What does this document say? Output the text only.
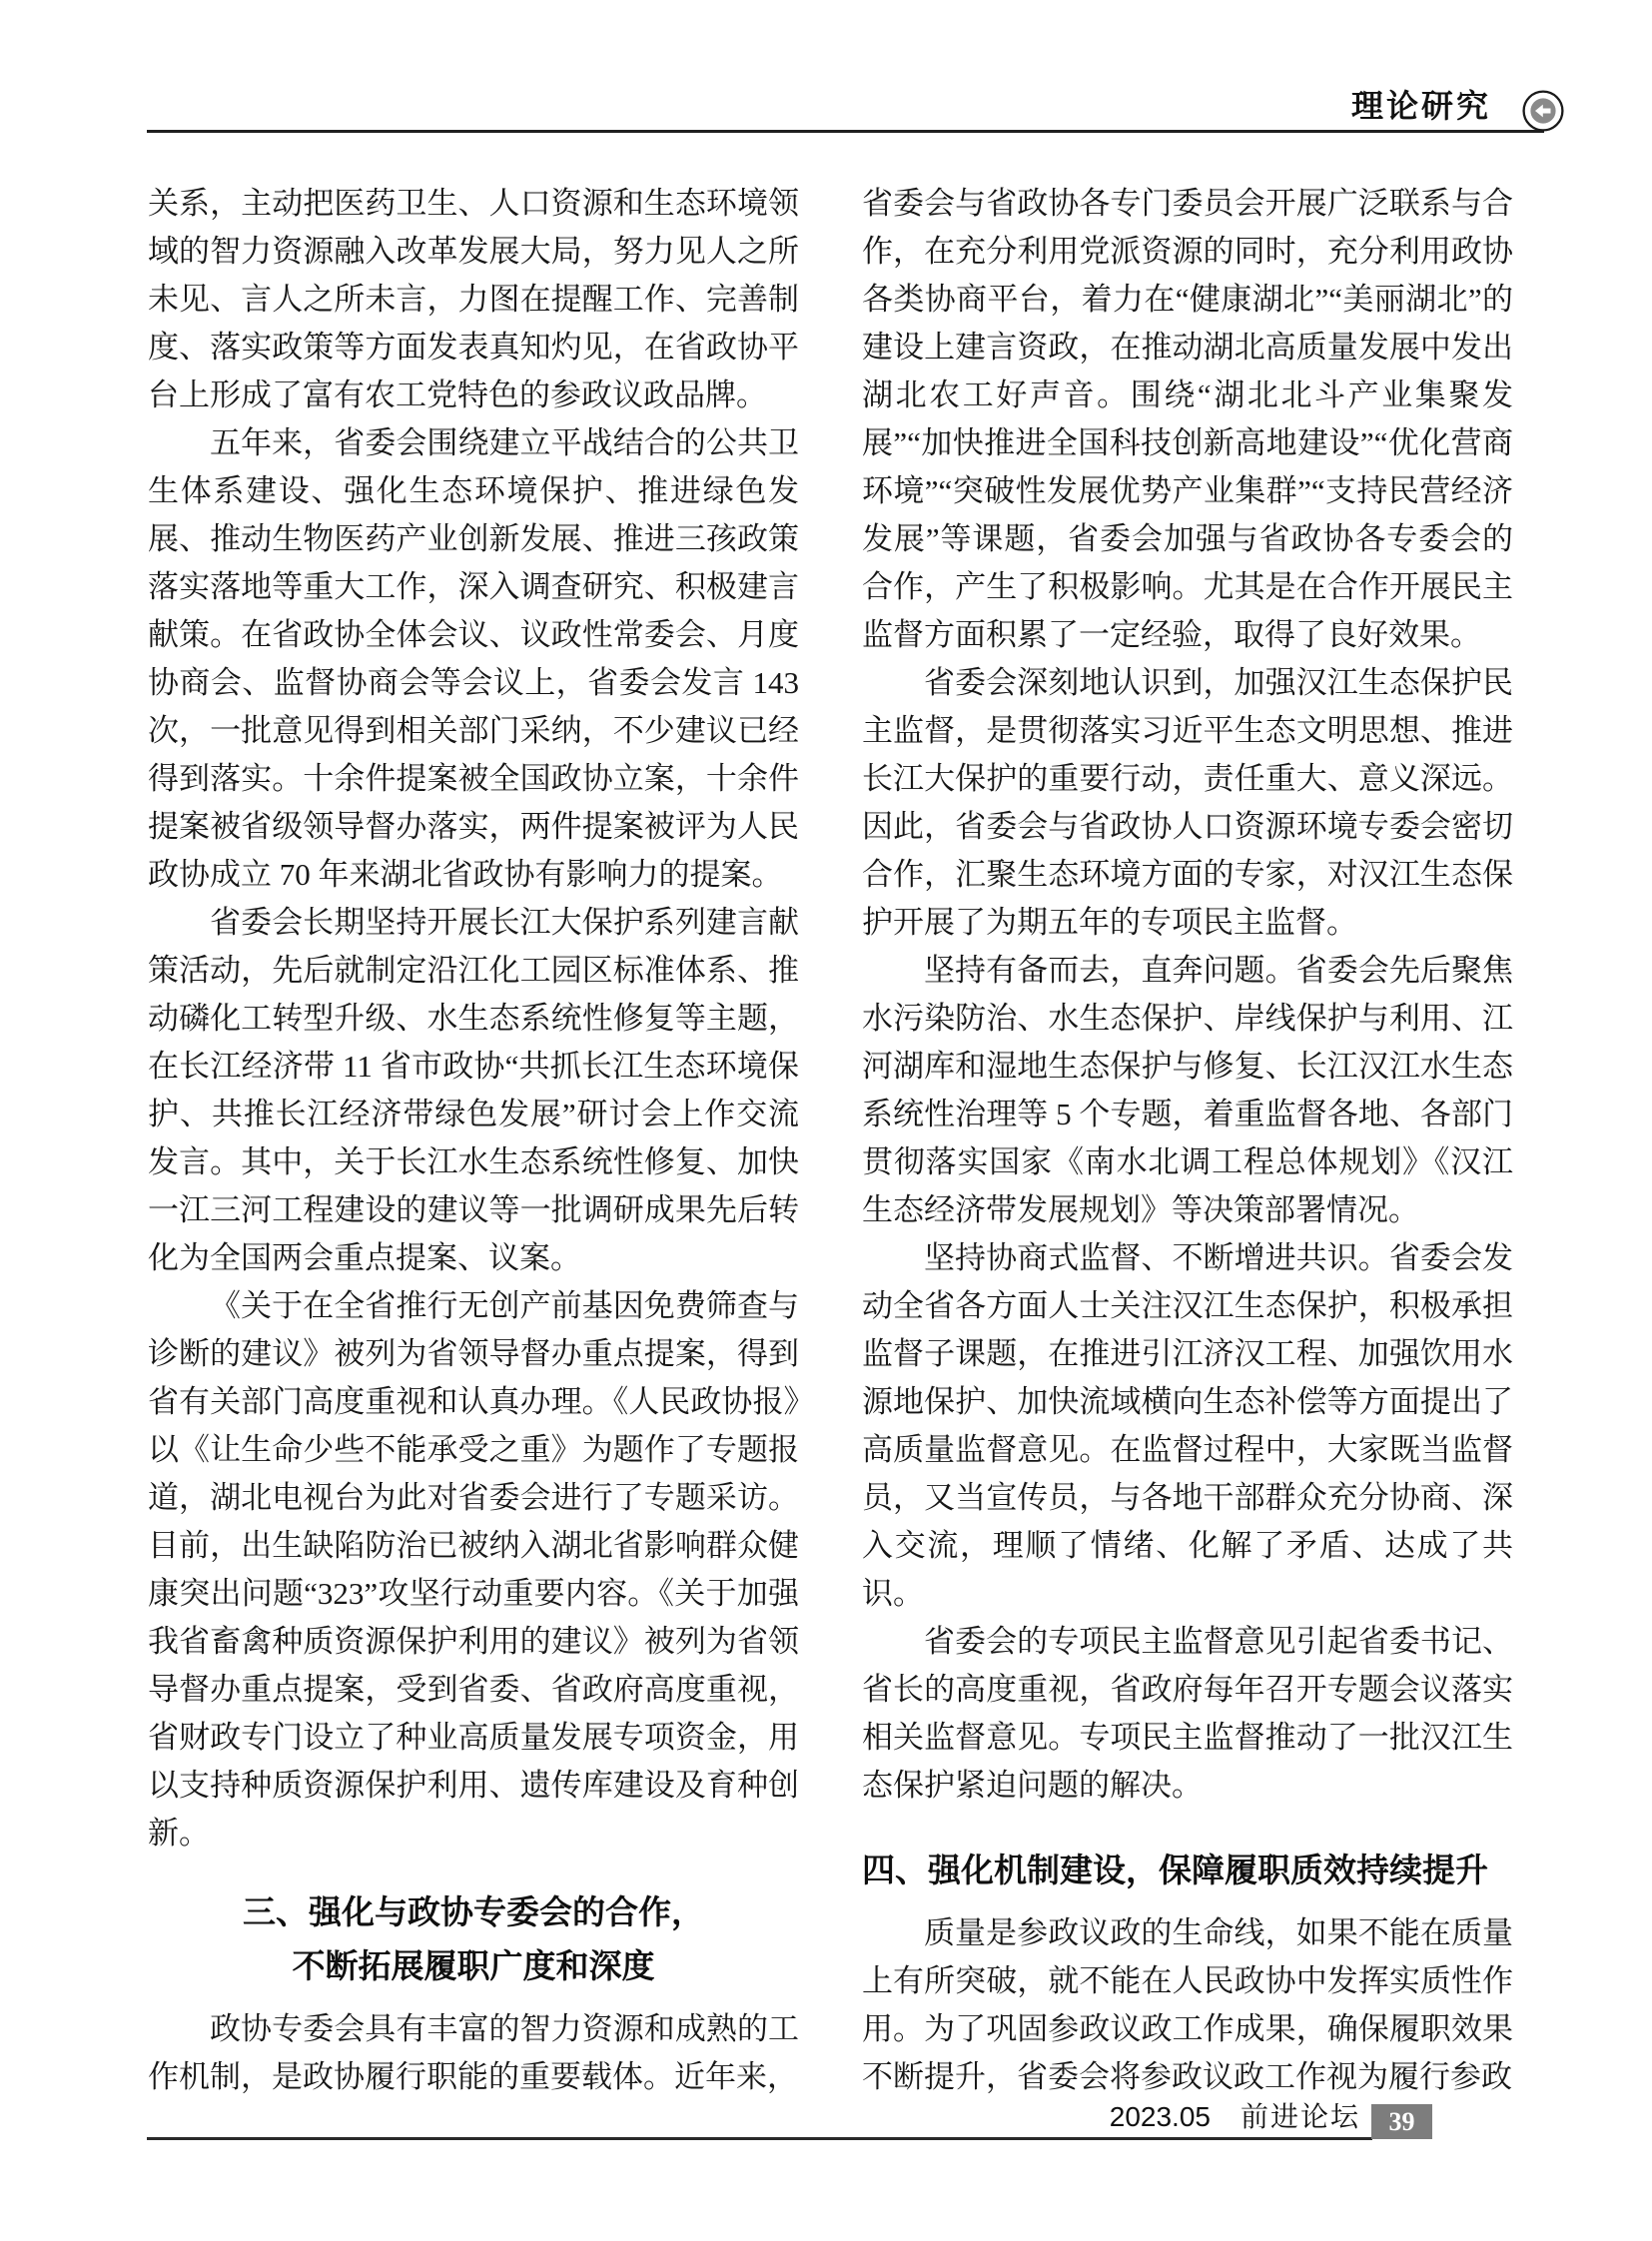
理论研究

关系，主动把医药卫生、人口资源和生态环境领域的智力资源融入改革发展大局，努力见人之所未见、言人之所未言，力图在提醒工作、完善制度、落实政策等方面发表真知灼见，在省政协平台上形成了富有农工党特色的参政议政品牌。

五年来，省委会围绕建立平战结合的公共卫生体系建设、强化生态环境保护、推进绿色发展、推动生物医药产业创新发展、推进三孩政策落实落地等重大工作，深入调查研究、积极建言献策。在省政协全体会议、议政性常委会、月度协商会、监督协商会等会议上，省委会发言 143 次，一批意见得到相关部门采纳，不少建议已经得到落实。十余件提案被全国政协立案，十余件提案被省级领导督办落实，两件提案被评为人民政协成立 70 年来湖北省政协有影响力的提案。

省委会长期坚持开展长江大保护系列建言献策活动，先后就制定沿江化工园区标准体系、推动磷化工转型升级、水生态系统性修复等主题，在长江经济带 11 省市政协“共抓长江生态环境保护、共推长江经济带绿色发展”研讨会上作交流发言。其中，关于长江水生态系统性修复、加快一江三河工程建设的建议等一批调研成果先后转化为全国两会重点提案、议案。

《关于在全省推行无创产前基因免费筛查与诊断的建议》被列为省领导督办重点提案，得到省有关部门高度重视和认真办理。《人民政协报》以《让生命少些不能承受之重》为题作了专题报道，湖北电视台为此对省委会进行了专题采访。目前，出生缺陷防治已被纳入湖北省影响群众健康突出问题“323”攻坚行动重要内容。《关于加强我省畜禽种质资源保护利用的建议》被列为省领导督办重点提案，受到省委、省政府高度重视，省财政专门设立了种业高质量发展专项资金，用以支持种质资源保护利用、遗传库建设及育种创新。

三、强化与政协专委会的合作，
不断拓展履职广度和深度

政协专委会具有丰富的智力资源和成熟的工作机制，是政协履行职能的重要载体。近年来，

省委会与省政协各专门委员会开展广泛联系与合作，在充分利用党派资源的同时，充分利用政协各类协商平台，着力在“健康湖北”“美丽湖北”的建设上建言资政，在推动湖北高质量发展中发出湖北农工好声音。围绕“湖北北斗产业集聚发展”“加快推进全国科技创新高地建设”“优化营商环境”“突破性发展优势产业集群”“支持民营经济发展”等课题，省委会加强与省政协各专委会的合作，产生了积极影响。尤其是在合作开展民主监督方面积累了一定经验，取得了良好效果。

省委会深刻地认识到，加强汉江生态保护民主监督，是贯彻落实习近平生态文明思想、推进长江大保护的重要行动，责任重大、意义深远。因此，省委会与省政协人口资源环境专委会密切合作，汇聚生态环境方面的专家，对汉江生态保护开展了为期五年的专项民主监督。

坚持有备而去，直奔问题。省委会先后聚焦水污染防治、水生态保护、岸线保护与利用、江河湖库和湿地生态保护与修复、长江汉江水生态系统性治理等 5 个专题，着重监督各地、各部门贯彻落实国家《南水北调工程总体规划》《汉江生态经济带发展规划》等决策部署情况。

坚持协商式监督、不断增进共识。省委会发动全省各方面人士关注汉江生态保护，积极承担监督子课题，在推进引江济汉工程、加强饮用水源地保护、加快流域横向生态补偿等方面提出了高质量监督意见。在监督过程中，大家既当监督员，又当宣传员，与各地干部群众充分协商、深入交流，理顺了情绪、化解了矛盾、达成了共识。

省委会的专项民主监督意见引起省委书记、省长的高度重视，省政府每年召开专题会议落实相关监督意见。专项民主监督推动了一批汉江生态保护紧迫问题的解决。

四、强化机制建设，保障履职质效持续提升

质量是参政议政的生命线，如果不能在质量上有所突破，就不能在人民政协中发挥实质性作用。为了巩固参政议政工作成果，确保履职效果不断提升，省委会将参政议政工作视为履行参政

2023.05 前进论坛 39
